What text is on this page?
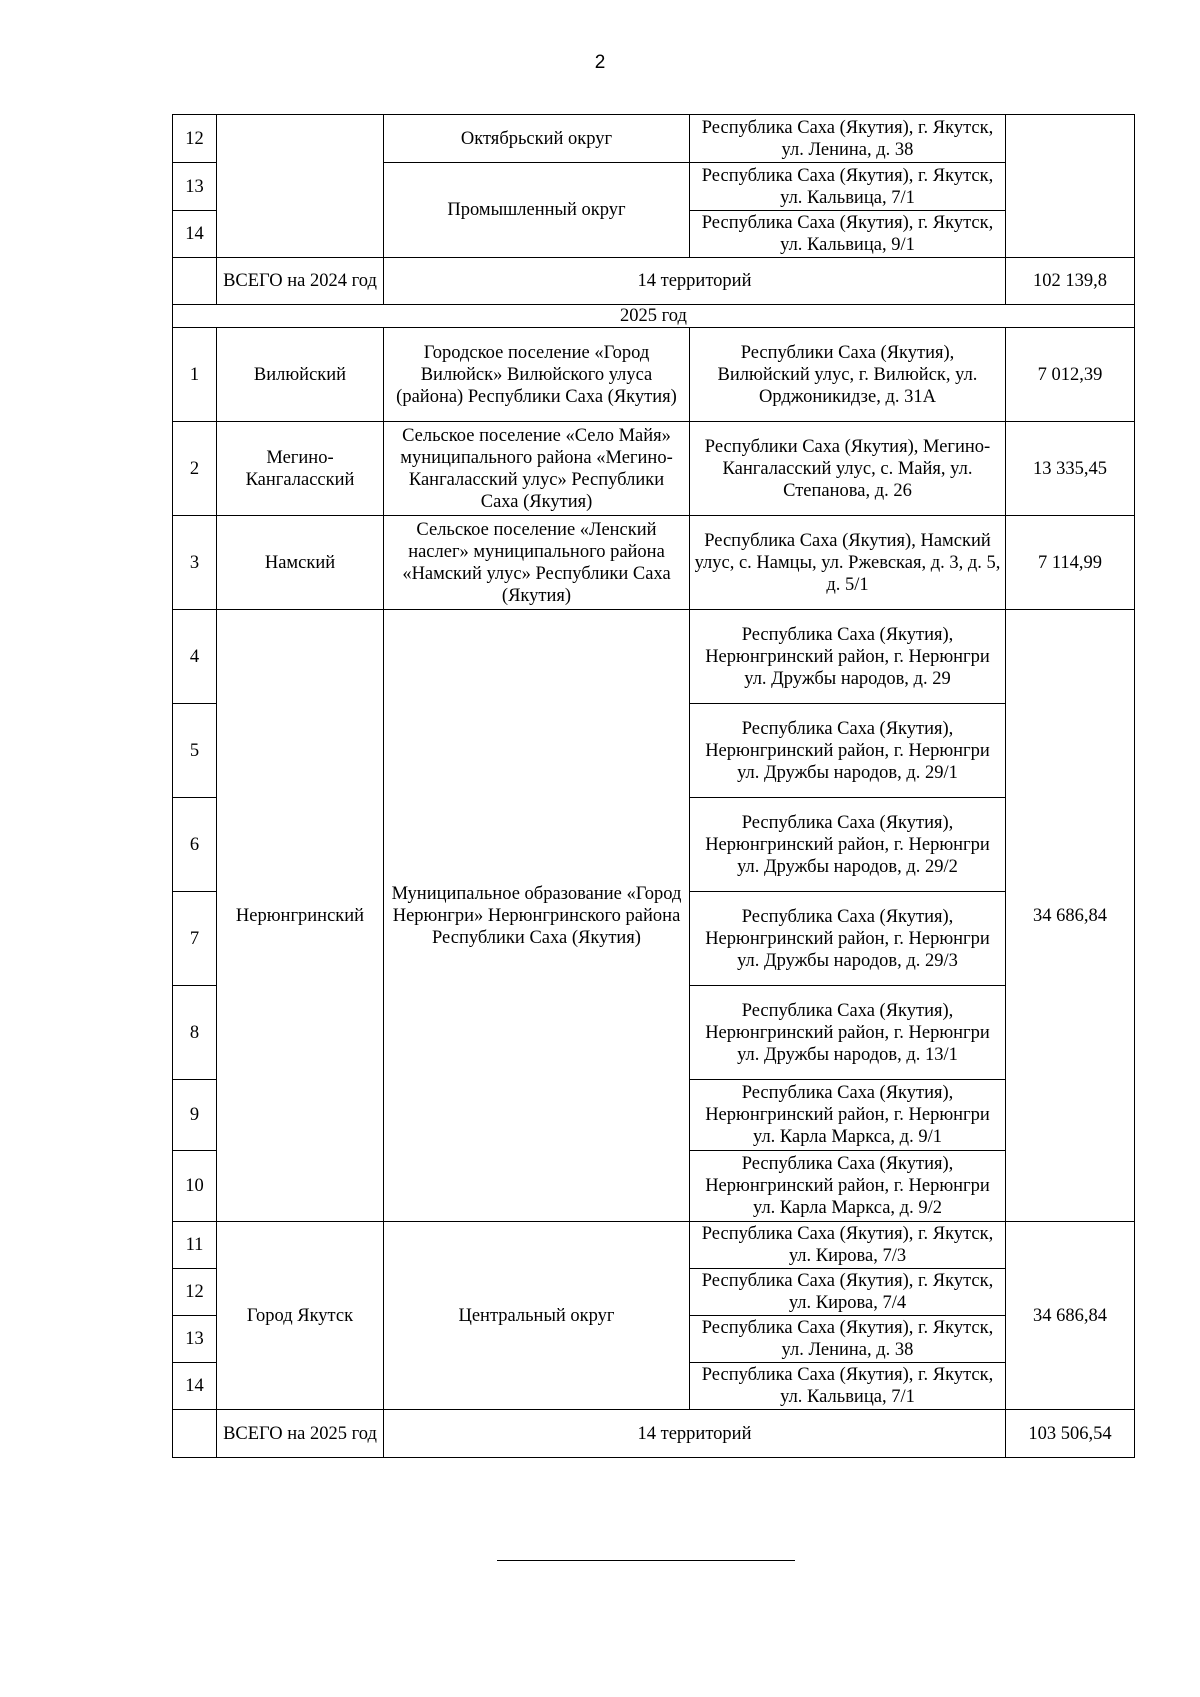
2
12		Октябрьский округ	Республика Саха (Якутия), г. Якутск, ул. Ленина, д. 38	
13		Промышленный округ	Республика Саха (Якутия), г. Якутск, ул. Кальвица, 7/1	
14			Республика Саха (Якутия), г. Якутск, ул. Кальвица, 9/1	
	ВСЕГО на 2024 год	14 территорий		102 139,8
2025 год				
1	Вилюйский	Городское поселение «Город Вилюйск» Вилюйского улуса (района) Республики Саха (Якутия)	Республики Саха (Якутия), Вилюйский улус, г. Вилюйск, ул. Орджоникидзе, д. 31А	7 012,39
2	Мегино-Кангаласский	Сельское поселение «Село Майя» муниципального района «Мегино-Кангаласский улус» Республики Саха (Якутия)	Республики Саха (Якутия), Мегино-Кангаласский улус, с. Майя, ул. Степанова, д. 26	13 335,45
3	Намский	Сельское поселение «Ленский наслег» муниципального района «Намский улус» Республики Саха (Якутия)	Республика Саха (Якутия), Намский улус, с. Намцы, ул. Ржевская, д. 3, д. 5, д. 5/1	7 114,99
4	Нерюнгринский	Муниципальное образование «Город Нерюнгри» Нерюнгринского района Республики Саха (Якутия)	Республика Саха (Якутия), Нерюнгринский район, г. Нерюнгри ул. Дружбы народов, д. 29	34 686,84
5			Республика Саха (Якутия), Нерюнгринский район, г. Нерюнгри ул. Дружбы народов, д. 29/1	
6			Республика Саха (Якутия), Нерюнгринский район, г. Нерюнгри ул. Дружбы народов, д. 29/2	
7			Республика Саха (Якутия), Нерюнгринский район, г. Нерюнгри ул. Дружбы народов, д. 29/3	
8			Республика Саха (Якутия), Нерюнгринский район, г. Нерюнгри ул. Дружбы народов, д. 13/1	
9			Республика Саха (Якутия), Нерюнгринский район, г. Нерюнгри ул. Карла Маркса, д. 9/1	
10			Республика Саха (Якутия), Нерюнгринский район, г. Нерюнгри ул. Карла Маркса, д. 9/2	
11	Город Якутск	Центральный округ	Республика Саха (Якутия), г. Якутск, ул. Кирова, 7/3	34 686,84
12			Республика Саха (Якутия), г. Якутск, ул. Кирова, 7/4	
13			Республика Саха (Якутия), г. Якутск, ул. Ленина, д. 38	
14			Республика Саха (Якутия), г. Якутск, ул. Кальвица, 7/1	
	ВСЕГО на 2025 год	14 территорий		103 506,54
